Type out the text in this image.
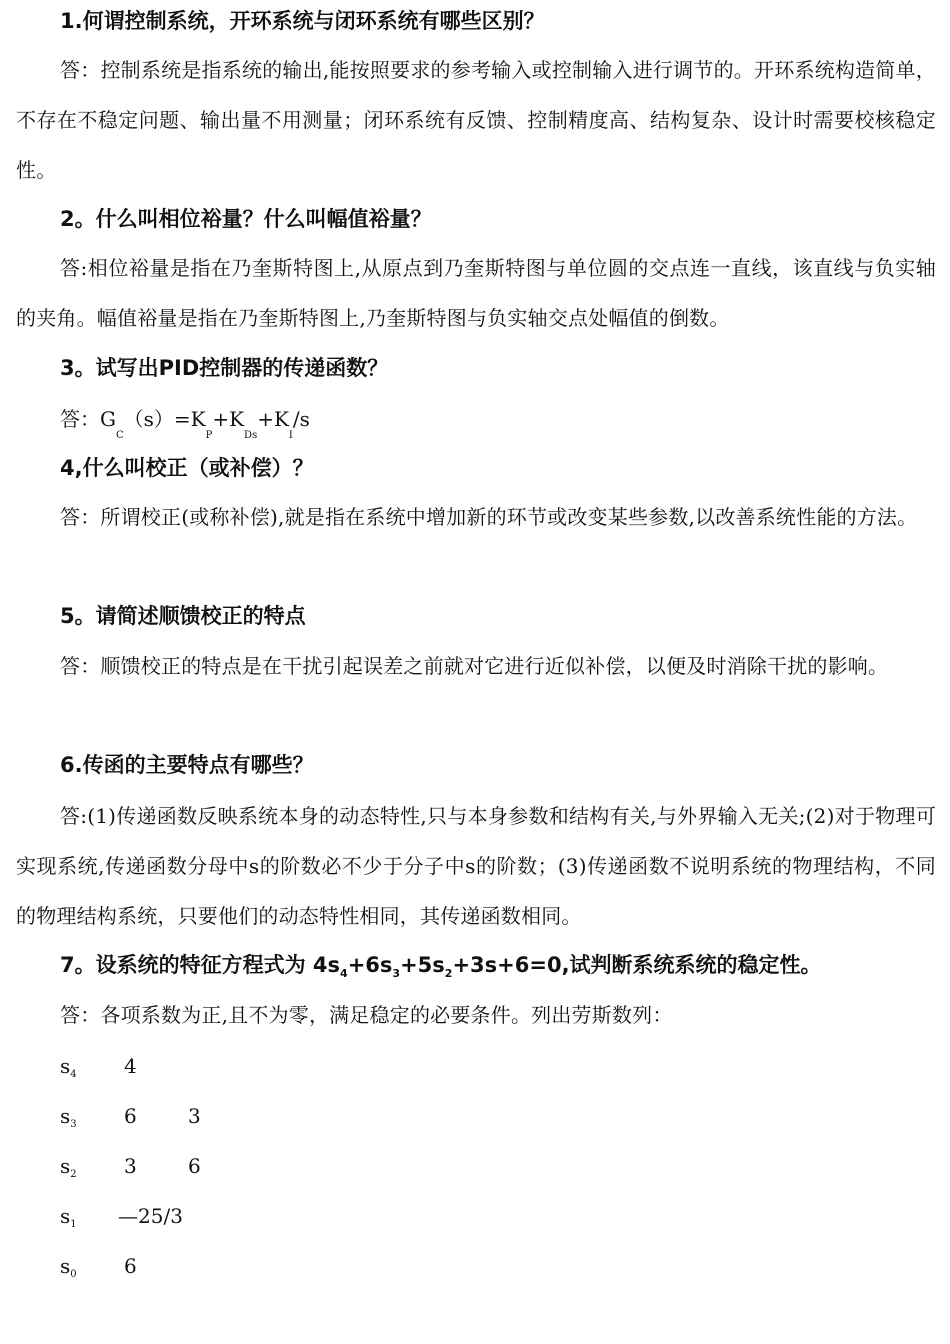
1.何谓控制系统，开环系统与闭环系统有哪些区别？
答：控制系统是指系统的输出,能按照要求的参考输入或控制输入进行调节的。开环系统构造简单，不存在不稳定问题、输出量不用测量；闭环系统有反馈、控制精度高、结构复杂、设计时需要校核稳定性。
2。什么叫相位裕量？什么叫幅值裕量？
答:相位裕量是指在乃奎斯特图上,从原点到乃奎斯特图与单位圆的交点连一直线，该直线与负实轴的夹角。幅值裕量是指在乃奎斯特图上,乃奎斯特图与负实轴交点处幅值的倒数。
3。试写出PID控制器的传递函数？
答：$G_C(s)=K_P+K_{Ds}+K_I/s$
4,什么叫校正（或补偿）？
答：所谓校正(或称补偿),就是指在系统中增加新的环节或改变某些参数,以改善系统性能的方法。
5。请简述顺馈校正的特点
答：顺馈校正的特点是在干扰引起误差之前就对它进行近似补偿，以便及时消除干扰的影响。
6.传函的主要特点有哪些？
答:(1)传递函数反映系统本身的动态特性,只与本身参数和结构有关,与外界输入无关;(2)对于物理可实现系统,传递函数分母中s的阶数必不少于分子中s的阶数；(3)传递函数不说明系统的物理结构，不同的物理结构系统，只要他们的动态特性相同，其传递函数相同。
7。设系统的特征方程式为 $4s_4+6s_3+5s_2+3s+6=0$,试判断系统系统的稳定性。
答：各项系数为正,且不为零，满足稳定的必要条件。列出劳斯数列：
$s_4$	4
$s_3$	6	3
$s_2$	3	6
$s_1$	—25/3
$s_0$	6
